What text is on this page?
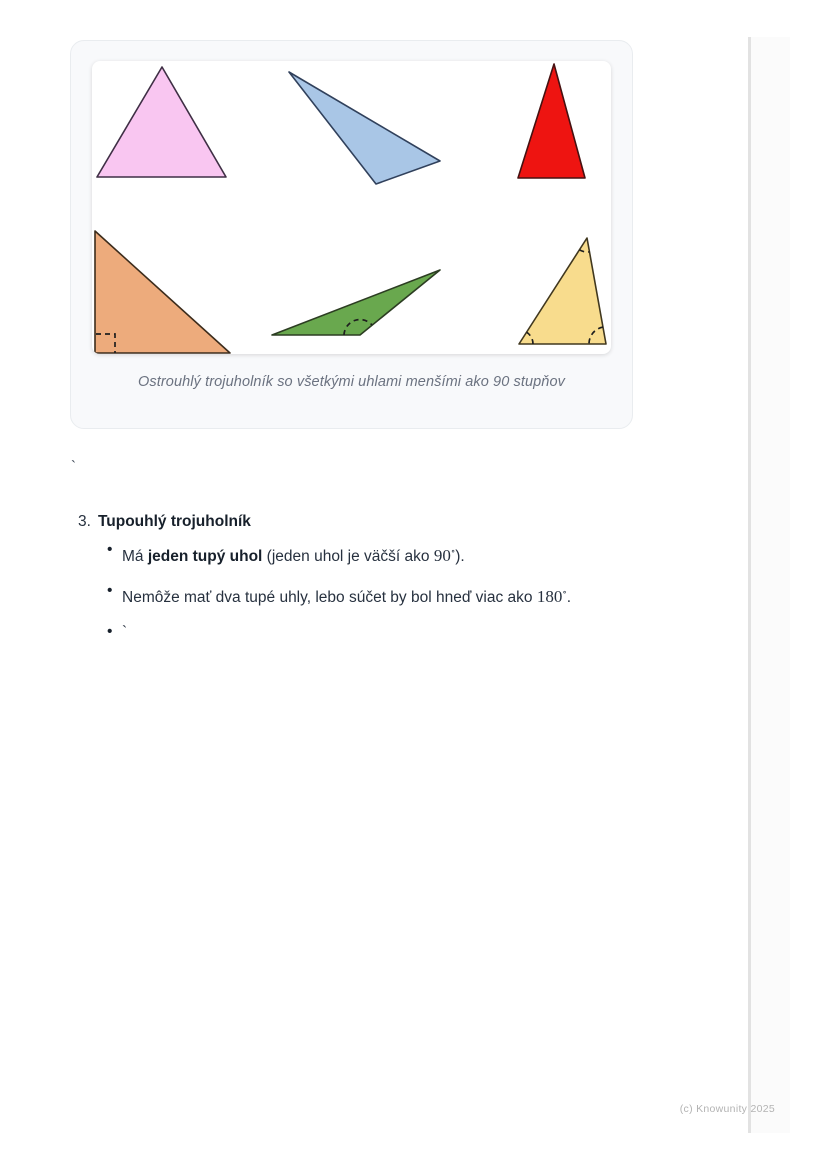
Ostrouhlý trojuholník so všetkými uhlami menšími ako 90 stupňov
`
3. Tupouhlý trojuholník
• Má jeden tupý uhol (jeden uhol je väčší ako 90∘).
• Nemôže mať dva tupé uhly, lebo súčet by bol hneď viac ako 180∘.
• `
(c) Knowunity 2025
